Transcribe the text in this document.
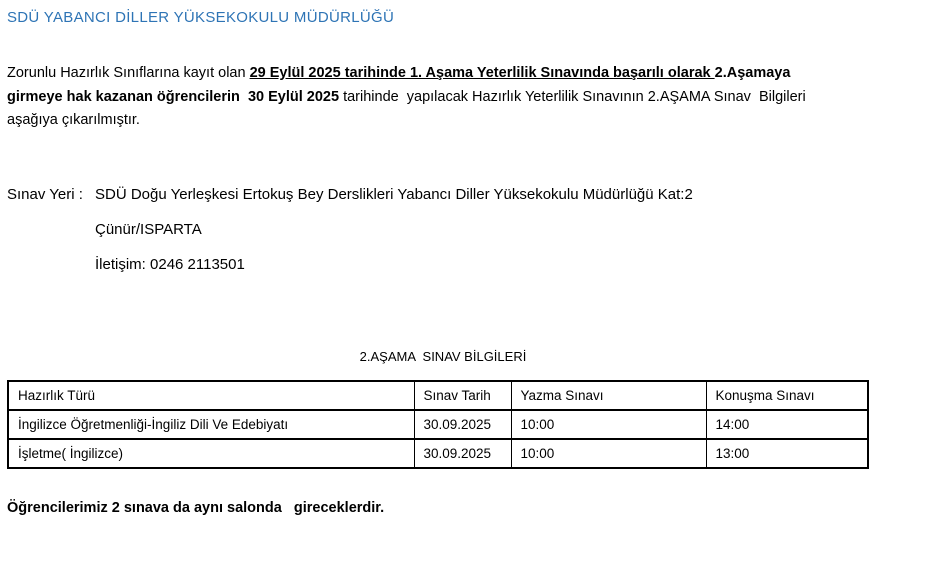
SDÜ YABANCI DİLLER YÜKSEKOKULU MÜDÜRLÜĞÜ
Zorunlu Hazırlık Sınıflarına kayıt olan 29 Eylül 2025 tarihinde 1. Aşama Yeterlilik Sınavında başarılı olarak 2.Aşamaya
girmeye hak kazanan öğrencilerin  30 Eylül 2025 tarihinde  yapılacak Hazırlık Yeterlilik Sınavının 2.AŞAMA Sınav  Bilgileri
aşağıya çıkarılmıştır.
Sınav Yeri : SDÜ Doğu Yerleşkesi Ertokuş Bey Derslikleri Yabancı Diller Yüksekokulu Müdürlüğü Kat:2
Çünür/ISPARTA
İletişim: 0246 2113501
2.AŞAMA  SINAV BİLGİLERİ
Hazırlık Türü	Sınav Tarih	Yazma Sınavı	Konuşma Sınavı
İngilizce Öğretmenliği-İngiliz Dili Ve Edebiyatı	30.09.2025	10:00	14:00
İşletme( İngilizce)	30.09.2025	10:00	13:00
Öğrencilerimiz 2 sınava da aynı salonda   gireceklerdir.
